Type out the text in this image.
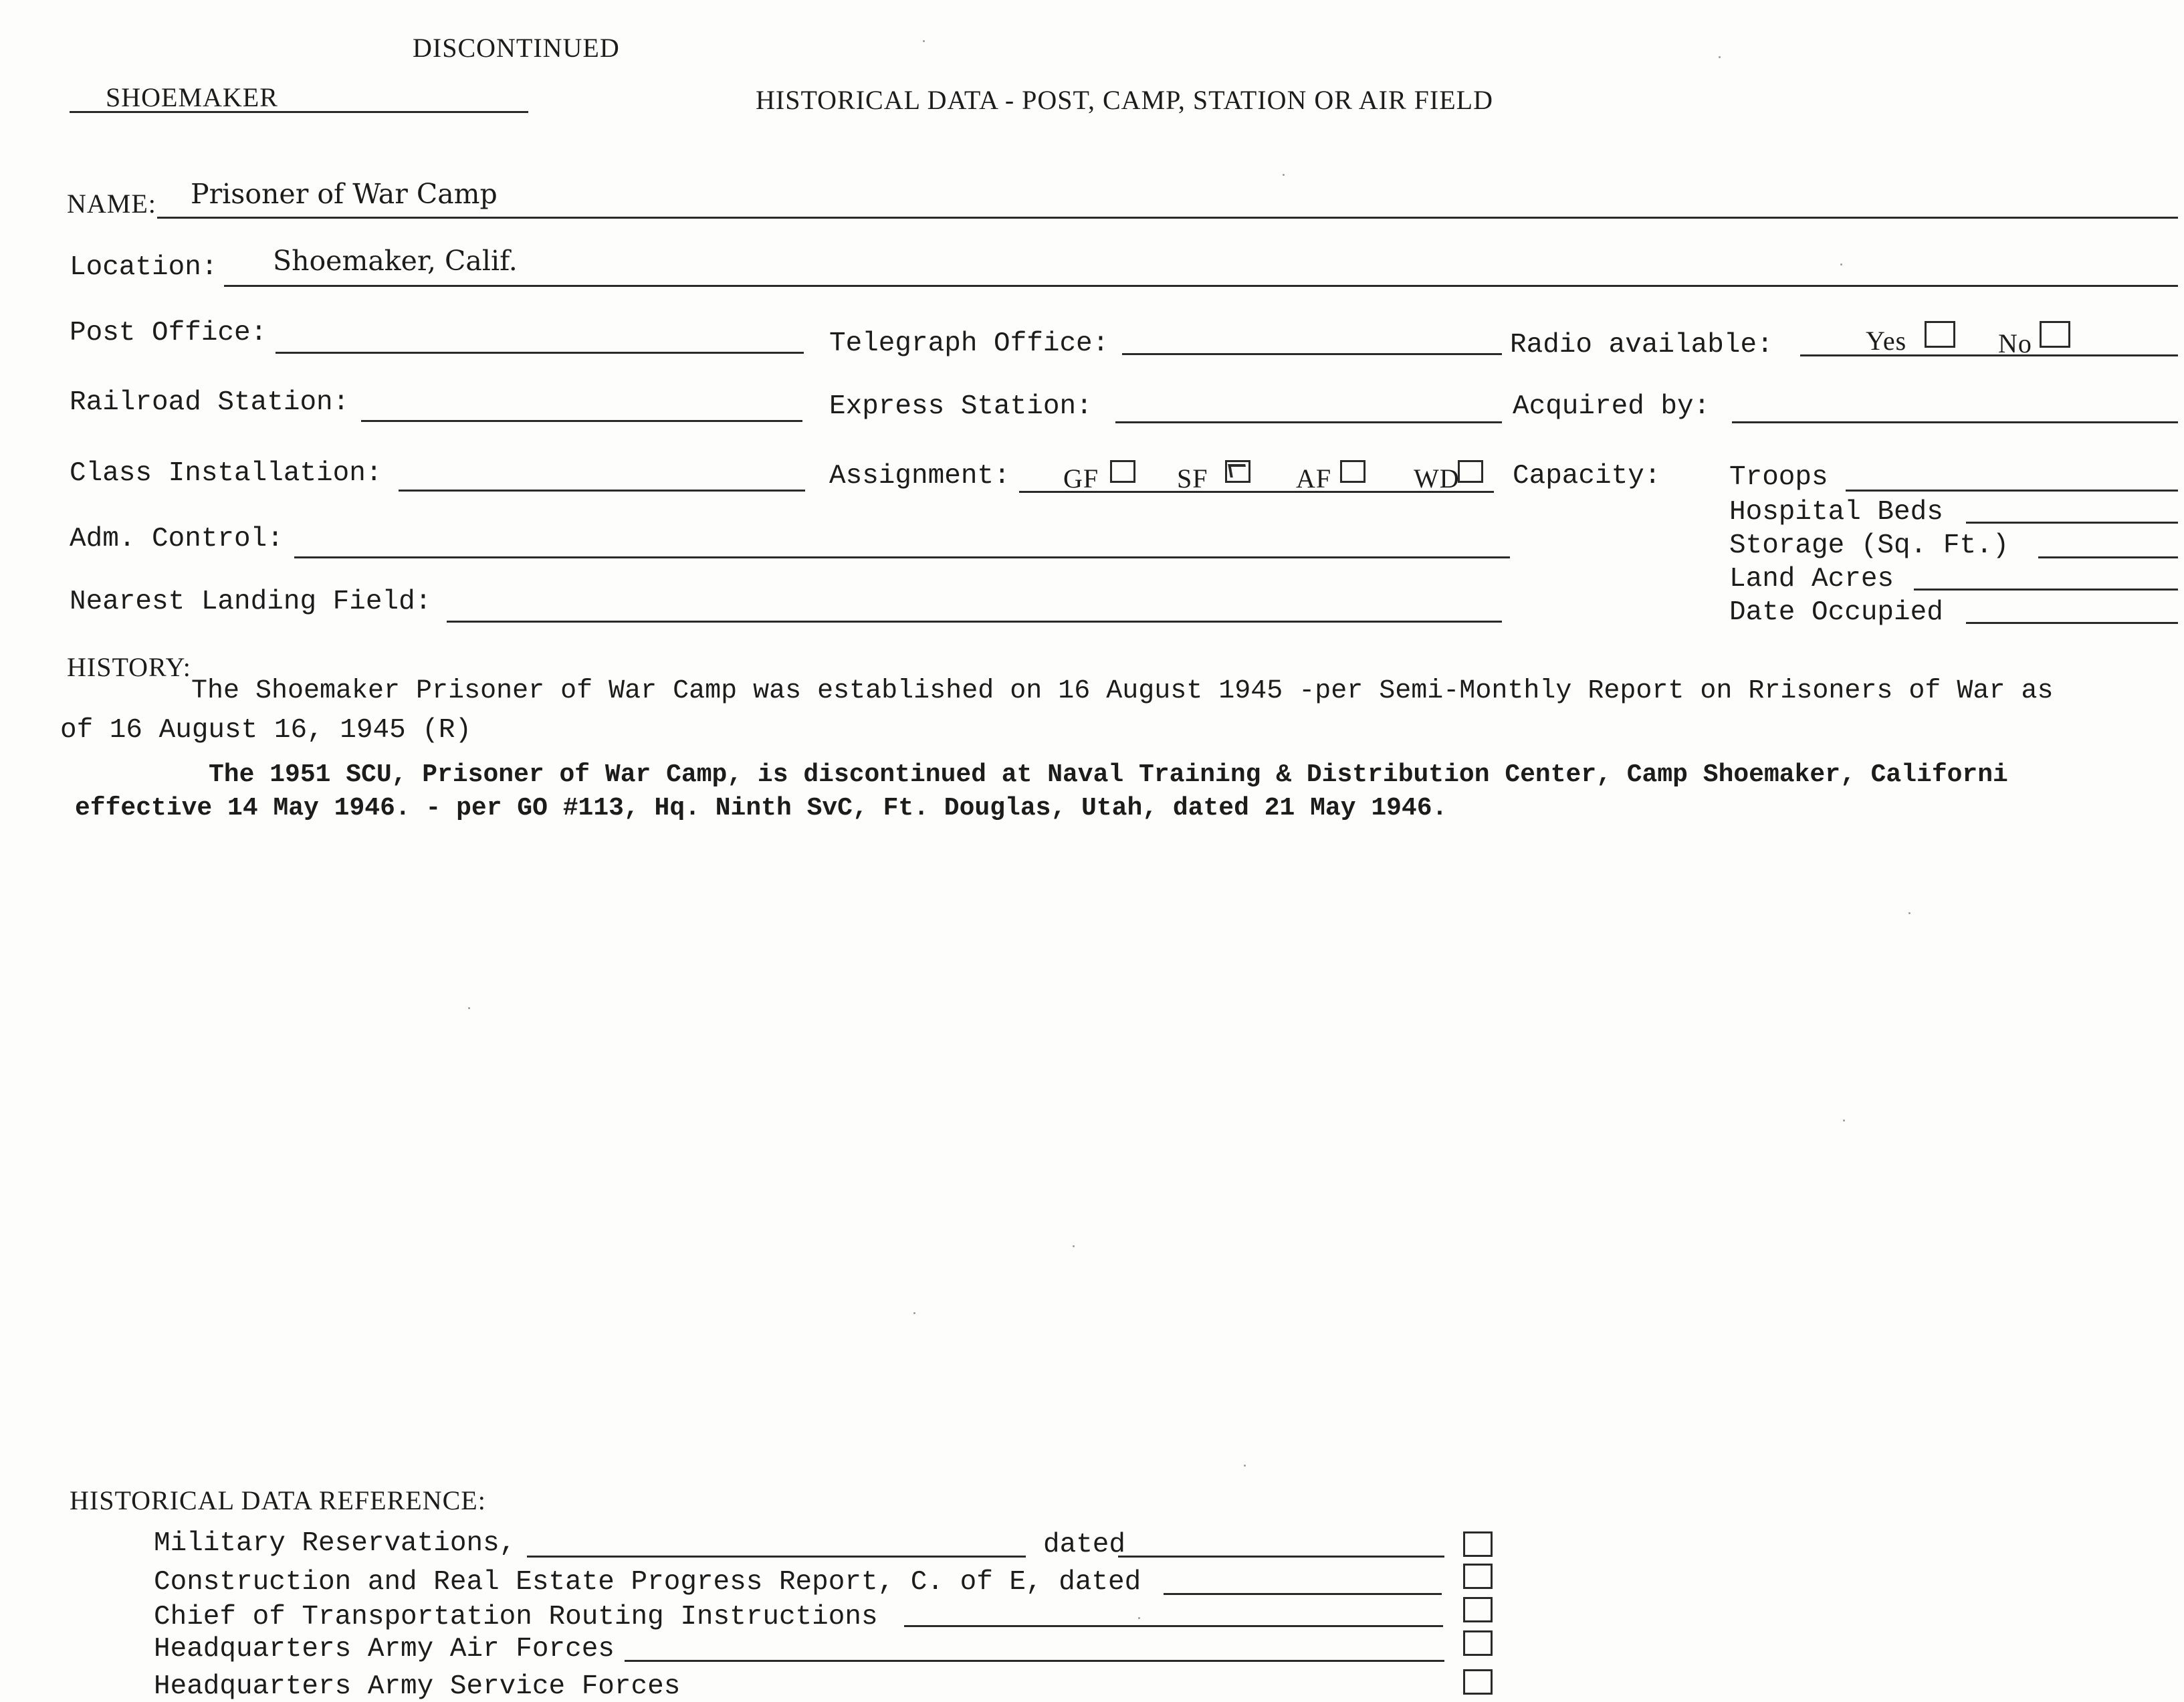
DISCONTINUED
SHOEMAKER	HISTORICAL DATA - POST, CAMP, STATION OR AIR FIELD
NAME: Prisoner of War Camp
Location: Shoemaker, Calif.
Post Office:	Telegraph Office:	Radio available:	Yes	No
Railroad Station:	Express Station:	Acquired by:
Class Installation:	Assignment: GF	SF	AF	WD Capacity:	Troops
Hospital Beds
Storage (Sq. Ft.)
Land Acres
Date Occupied
Adm. Control:
Nearest Landing Field:
HISTORY:
The Shoemaker Prisoner of War Camp was established on 16 August 1945 -per Semi-Monthly Report on Rrisoners of War as
of 16 August 16, 1945 (R)
The 1951 SCU, Prisoner of War Camp, is discontinued at Naval Training & Distribution Center, Camp Shoemaker, Californi
effective 14 May 1946. - per GO #113, Hq. Ninth SvC, Ft. Douglas, Utah, dated 21 May 1946.
HISTORICAL DATA REFERENCE:
Military Reservations,	dated
Construction and Real Estate Progress Report, C. of E, dated
Chief of Transportation Routing Instructions
Headquarters Army Air Forces
Headquarters Army Service Forces
